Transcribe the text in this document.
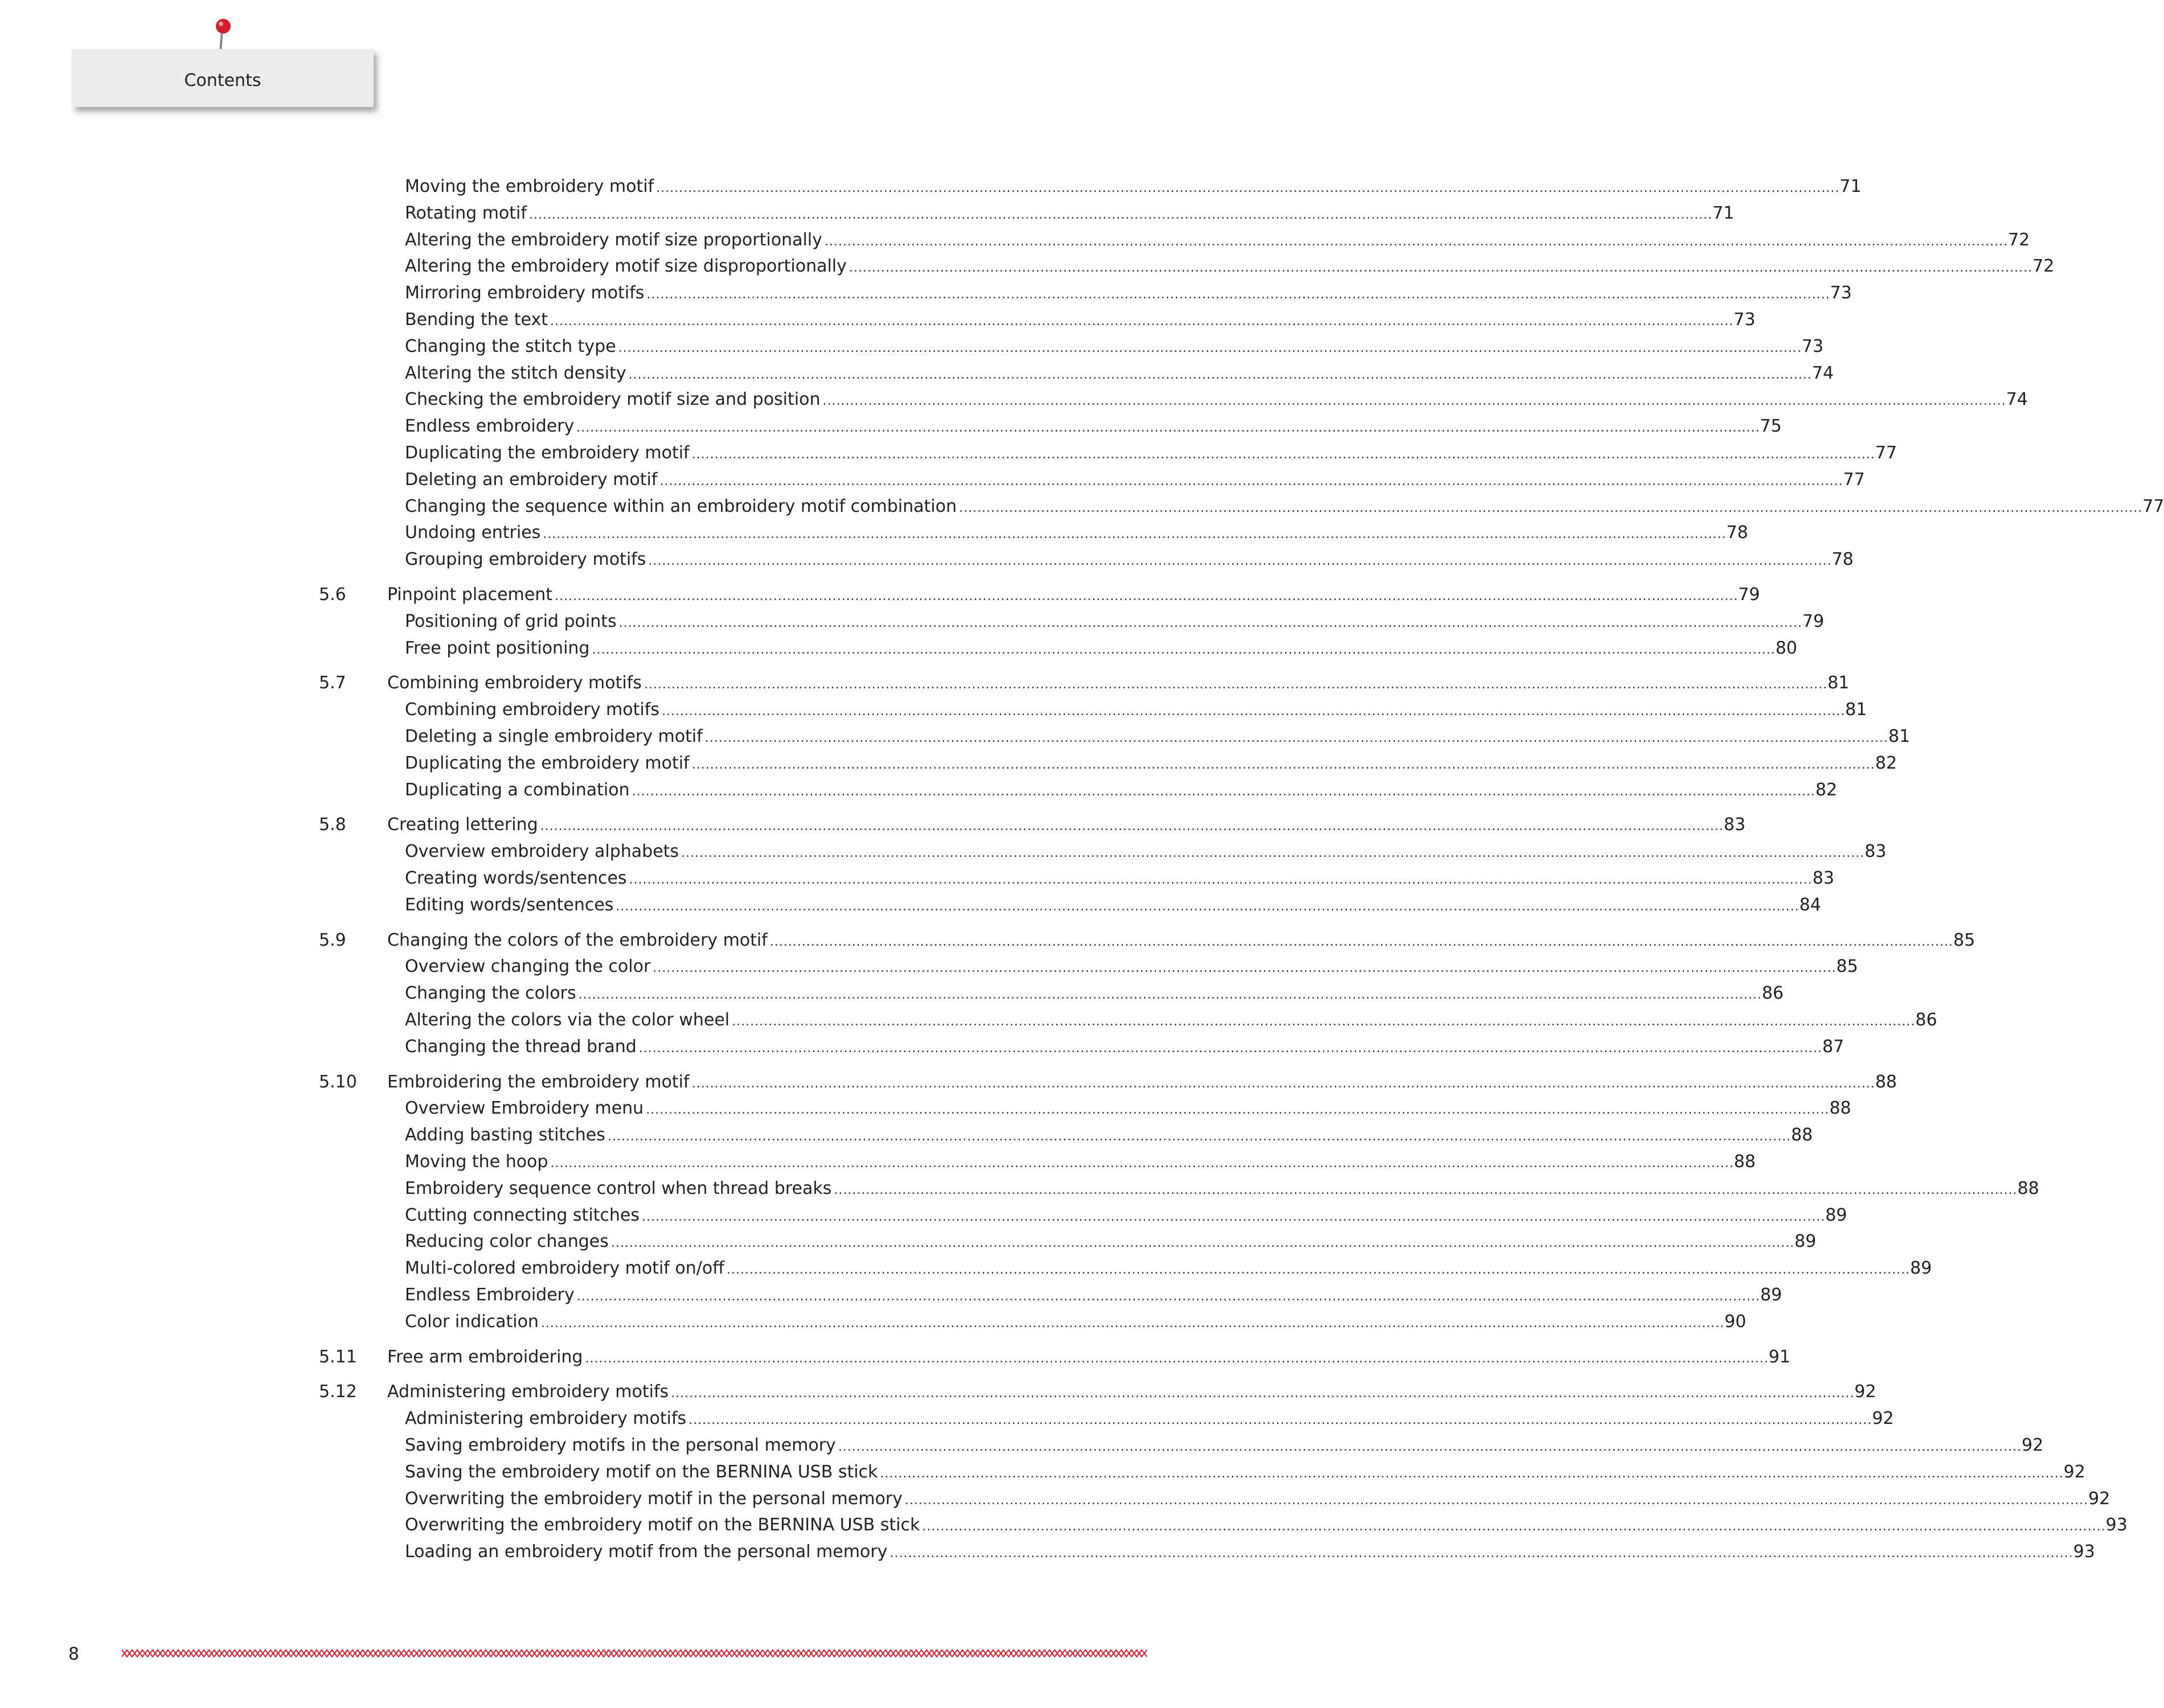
Contents
Moving the embroidery motif .................................................................................................................................................................................................................................................................... 71
Rotating motif .................................................................................................................................................................................................................................................................... 71
Altering the embroidery motif size proportionally .................................................................................................................................................................................................................................................................... 72
Altering the embroidery motif size disproportionally .................................................................................................................................................................................................................................................................... 72
Mirroring embroidery motifs .................................................................................................................................................................................................................................................................... 73
Bending the text .................................................................................................................................................................................................................................................................... 73
Changing the stitch type .................................................................................................................................................................................................................................................................... 73
Altering the stitch density .................................................................................................................................................................................................................................................................... 74
Checking the embroidery motif size and position .................................................................................................................................................................................................................................................................... 74
Endless embroidery .................................................................................................................................................................................................................................................................... 75
Duplicating the embroidery motif .................................................................................................................................................................................................................................................................... 77
Deleting an embroidery motif .................................................................................................................................................................................................................................................................... 77
Changing the sequence within an embroidery motif combination .................................................................................................................................................................................................................................................................... 77
Undoing entries .................................................................................................................................................................................................................................................................... 78
Grouping embroidery motifs .................................................................................................................................................................................................................................................................... 78
5.6 Pinpoint placement .................................................................................................................................................................................................................................................................... 79
Positioning of grid points .................................................................................................................................................................................................................................................................... 79
Free point positioning .................................................................................................................................................................................................................................................................... 80
5.7 Combining embroidery motifs .................................................................................................................................................................................................................................................................... 81
Combining embroidery motifs .................................................................................................................................................................................................................................................................... 81
Deleting a single embroidery motif .................................................................................................................................................................................................................................................................... 81
Duplicating the embroidery motif .................................................................................................................................................................................................................................................................... 82
Duplicating a combination .................................................................................................................................................................................................................................................................... 82
5.8 Creating lettering .................................................................................................................................................................................................................................................................... 83
Overview embroidery alphabets .................................................................................................................................................................................................................................................................... 83
Creating words/sentences .................................................................................................................................................................................................................................................................... 83
Editing words/sentences .................................................................................................................................................................................................................................................................... 84
5.9 Changing the colors of the embroidery motif .................................................................................................................................................................................................................................................................... 85
Overview changing the color .................................................................................................................................................................................................................................................................... 85
Changing the colors .................................................................................................................................................................................................................................................................... 86
Altering the colors via the color wheel .................................................................................................................................................................................................................................................................... 86
Changing the thread brand .................................................................................................................................................................................................................................................................... 87
5.10 Embroidering the embroidery motif .................................................................................................................................................................................................................................................................... 88
Overview Embroidery menu .................................................................................................................................................................................................................................................................... 88
Adding basting stitches .................................................................................................................................................................................................................................................................... 88
Moving the hoop .................................................................................................................................................................................................................................................................... 88
Embroidery sequence control when thread breaks .................................................................................................................................................................................................................................................................... 88
Cutting connecting stitches .................................................................................................................................................................................................................................................................... 89
Reducing color changes .................................................................................................................................................................................................................................................................... 89
Multi-colored embroidery motif on/off .................................................................................................................................................................................................................................................................... 89
Endless Embroidery .................................................................................................................................................................................................................................................................... 89
Color indication .................................................................................................................................................................................................................................................................... 90
5.11 Free arm embroidering .................................................................................................................................................................................................................................................................... 91
5.12 Administering embroidery motifs .................................................................................................................................................................................................................................................................... 92
Administering embroidery motifs .................................................................................................................................................................................................................................................................... 92
Saving embroidery motifs in the personal memory .................................................................................................................................................................................................................................................................... 92
Saving the embroidery motif on the BERNINA USB stick .................................................................................................................................................................................................................................................................... 92
Overwriting the embroidery motif in the personal memory .................................................................................................................................................................................................................................................................... 92
Overwriting the embroidery motif on the BERNINA USB stick .................................................................................................................................................................................................................................................................... 93
Loading an embroidery motif from the personal memory .................................................................................................................................................................................................................................................................... 93
8
